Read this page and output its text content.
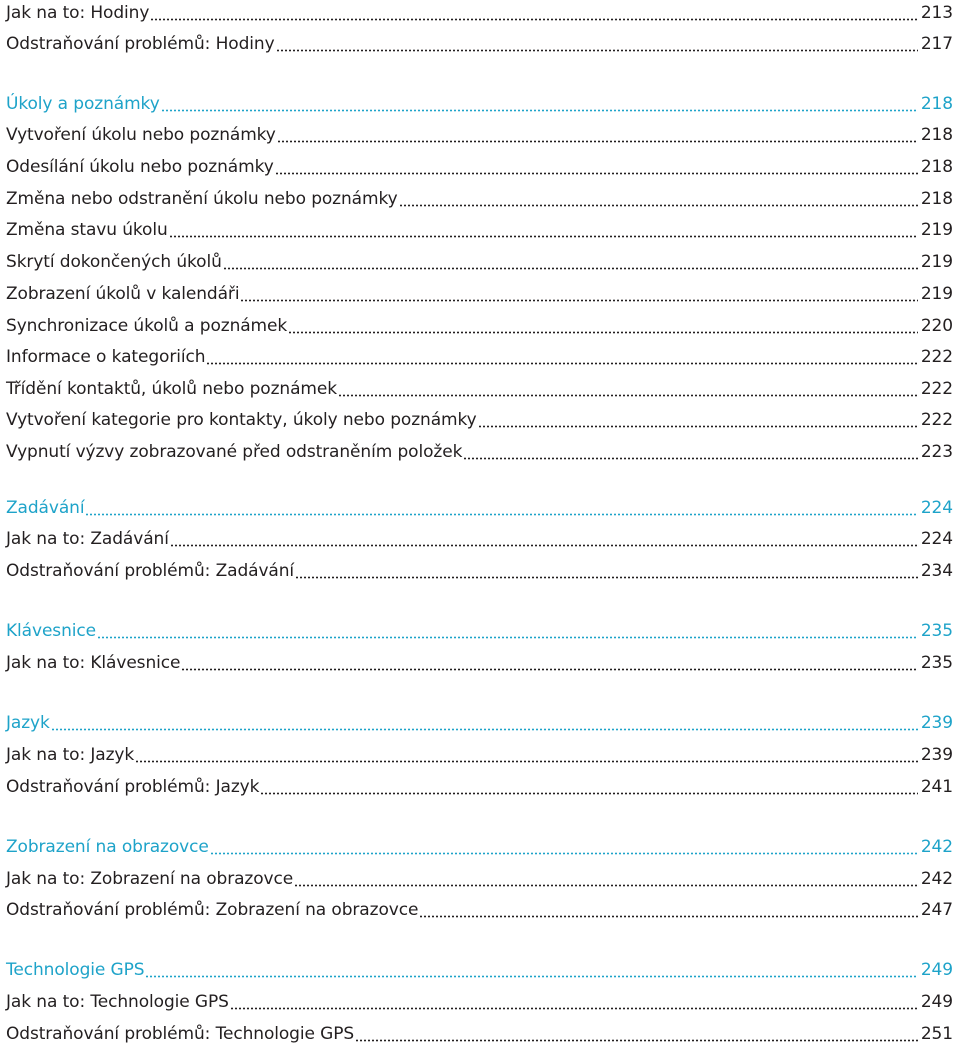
Jak na to: Hodiny	213
Odstraňování problémů: Hodiny	217
Úkoly a poznámky	218
Vytvoření úkolu nebo poznámky	218
Odesílání úkolu nebo poznámky	218
Změna nebo odstranění úkolu nebo poznámky	218
Změna stavu úkolu	219
Skrytí dokončených úkolů	219
Zobrazení úkolů v kalendáři	219
Synchronizace úkolů a poznámek	220
Informace o kategoriích	222
Třídění kontaktů, úkolů nebo poznámek	222
Vytvoření kategorie pro kontakty, úkoly nebo poznámky	222
Vypnutí výzvy zobrazované před odstraněním položek	223
Zadávání	224
Jak na to: Zadávání	224
Odstraňování problémů: Zadávání	234
Klávesnice	235
Jak na to: Klávesnice	235
Jazyk	239
Jak na to: Jazyk	239
Odstraňování problémů: Jazyk	241
Zobrazení na obrazovce	242
Jak na to: Zobrazení na obrazovce	242
Odstraňování problémů: Zobrazení na obrazovce	247
Technologie GPS	249
Jak na to: Technologie GPS	249
Odstraňování problémů: Technologie GPS	251
